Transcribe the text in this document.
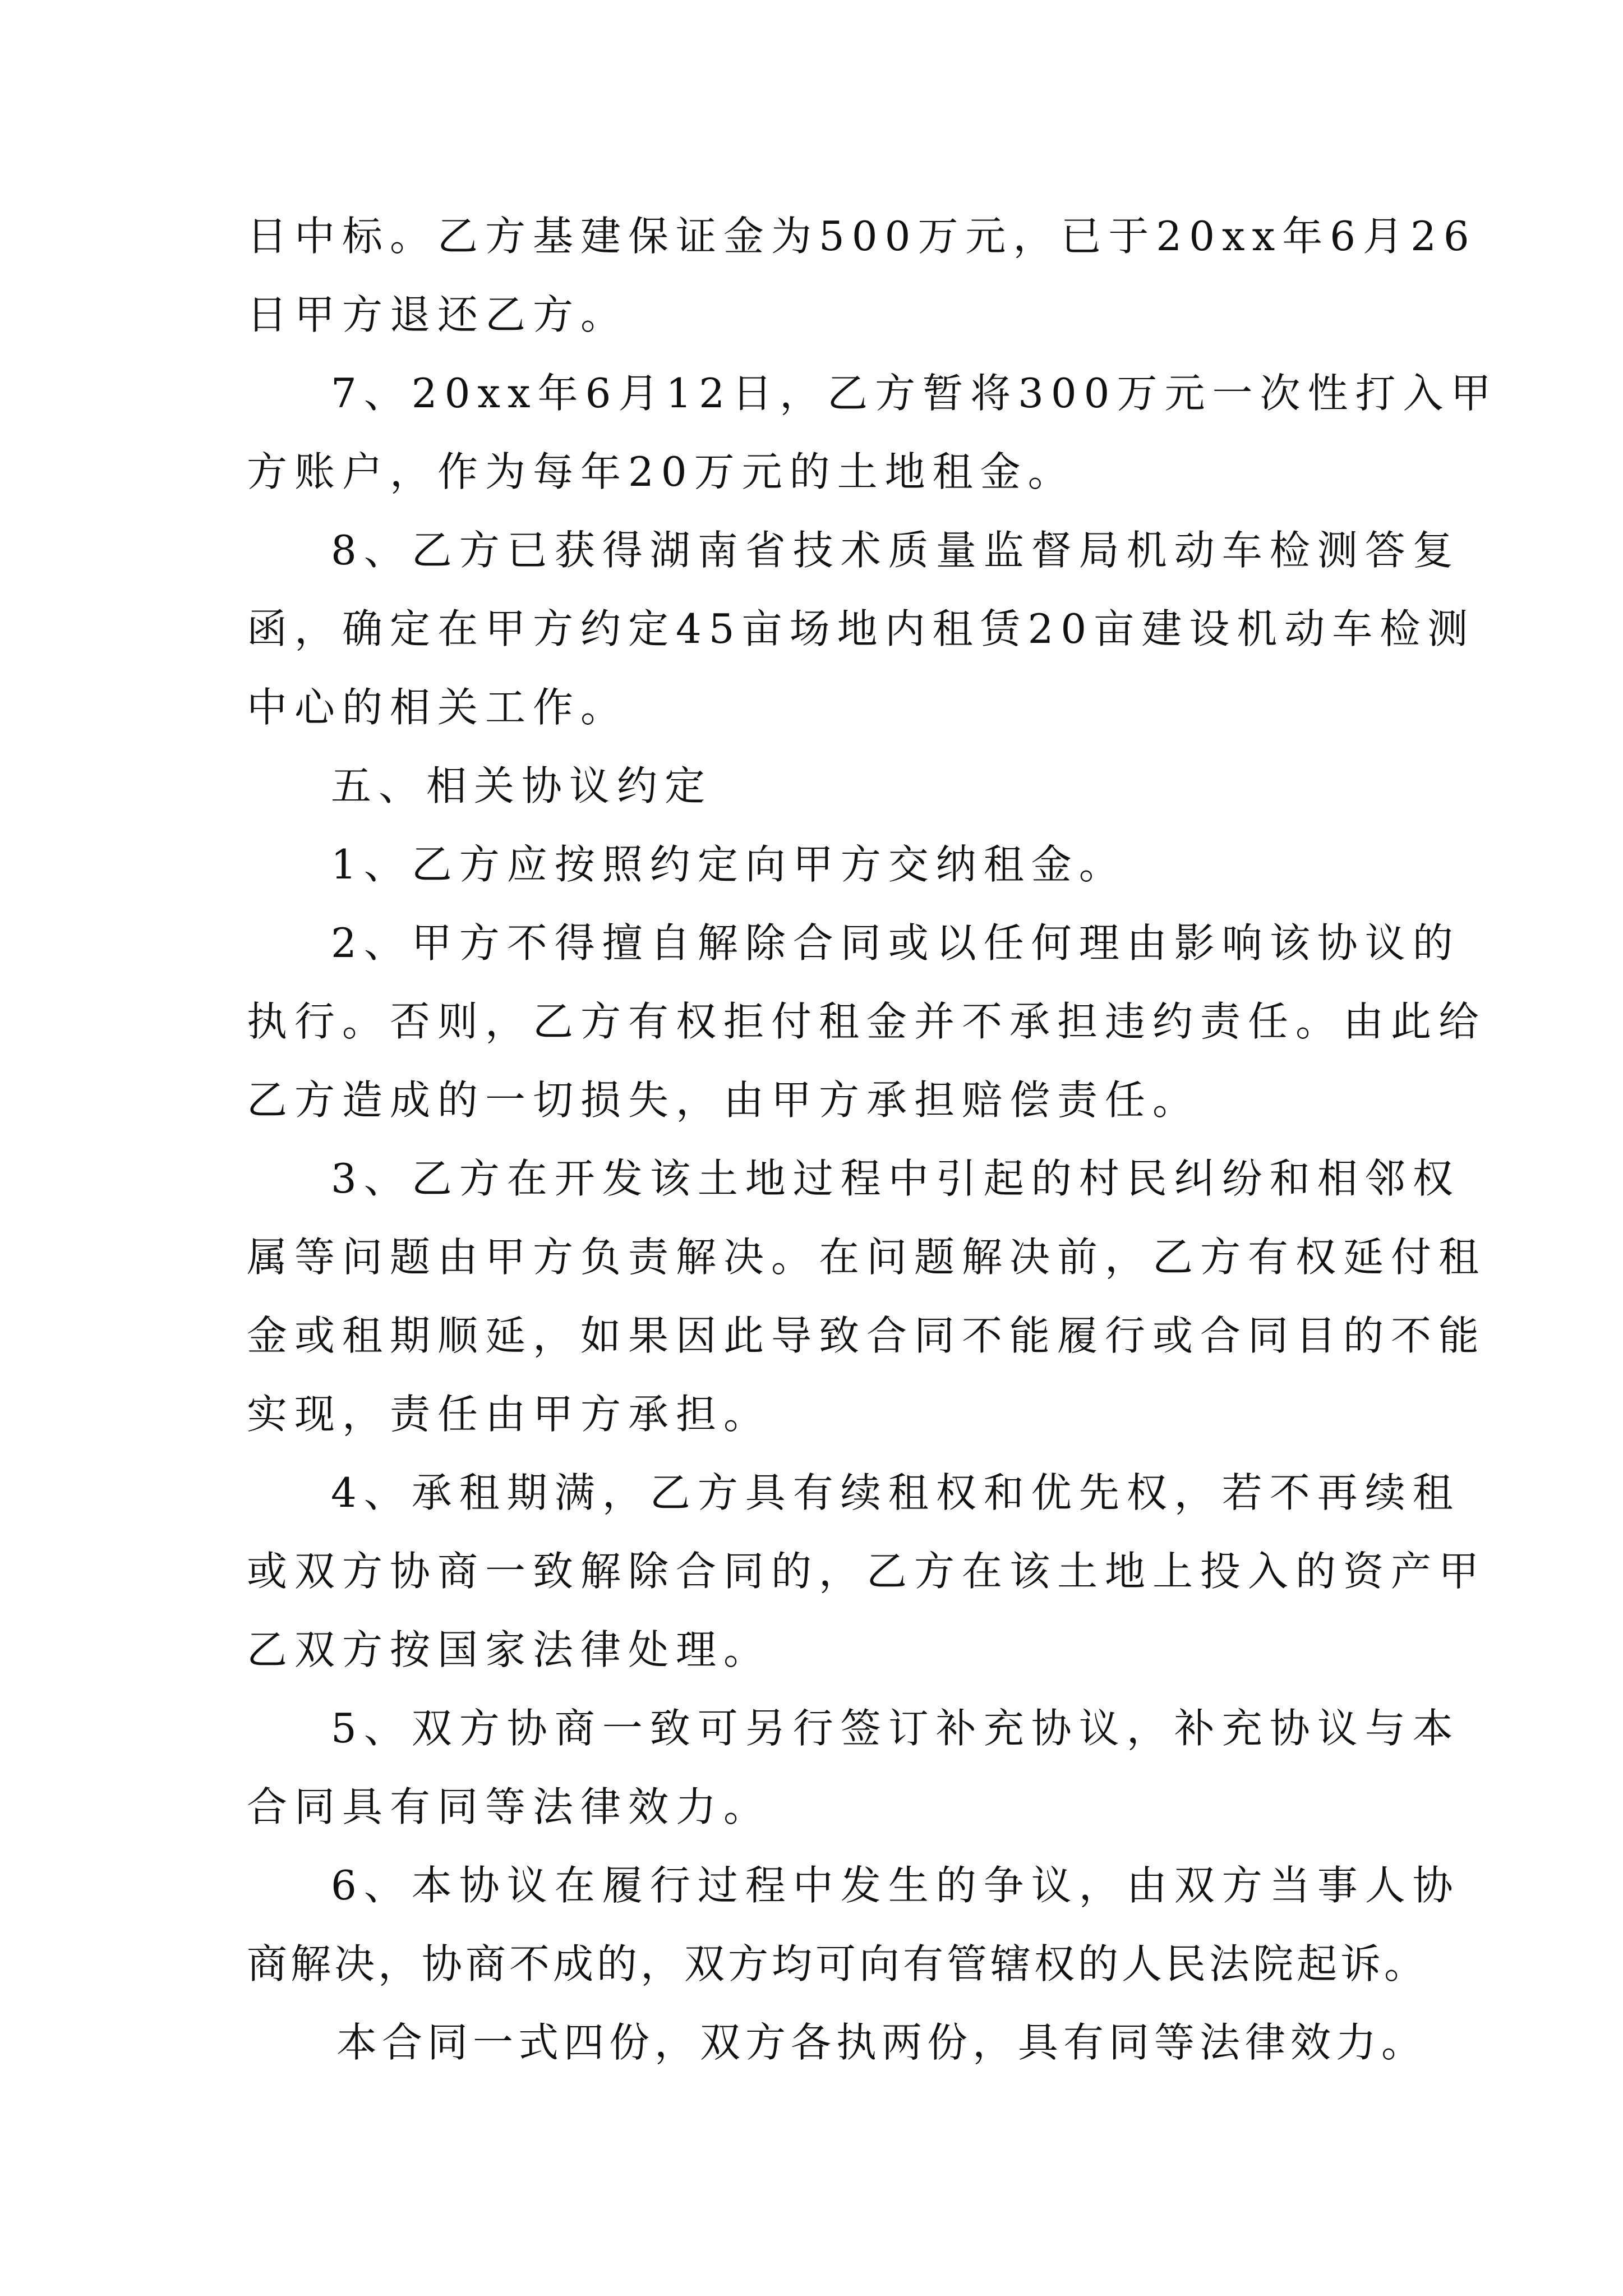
日中标。乙方基建保证金为500万元，已于20xx年6月26
日甲方退还乙方。
7、20xx年6月12日，乙方暂将300万元一次性打入甲
方账户，作为每年20万元的土地租金。
8、乙方已获得湖南省技术质量监督局机动车检测答复
函，确定在甲方约定45亩场地内租赁20亩建设机动车检测
中心的相关工作。
五、相关协议约定
1、乙方应按照约定向甲方交纳租金。
2、甲方不得擅自解除合同或以任何理由影响该协议的
执行。否则，乙方有权拒付租金并不承担违约责任。由此给
乙方造成的一切损失，由甲方承担赔偿责任。
3、乙方在开发该土地过程中引起的村民纠纷和相邻权
属等问题由甲方负责解决。在问题解决前，乙方有权延付租
金或租期顺延，如果因此导致合同不能履行或合同目的不能
实现，责任由甲方承担。
4、承租期满，乙方具有续租权和优先权，若不再续租
或双方协商一致解除合同的，乙方在该土地上投入的资产甲
乙双方按国家法律处理。
5、双方协商一致可另行签订补充协议，补充协议与本
合同具有同等法律效力。
6、本协议在履行过程中发生的争议，由双方当事人协
商解决，协商不成的，双方均可向有管辖权的人民法院起诉。
本合同一式四份，双方各执两份，具有同等法律效力。
